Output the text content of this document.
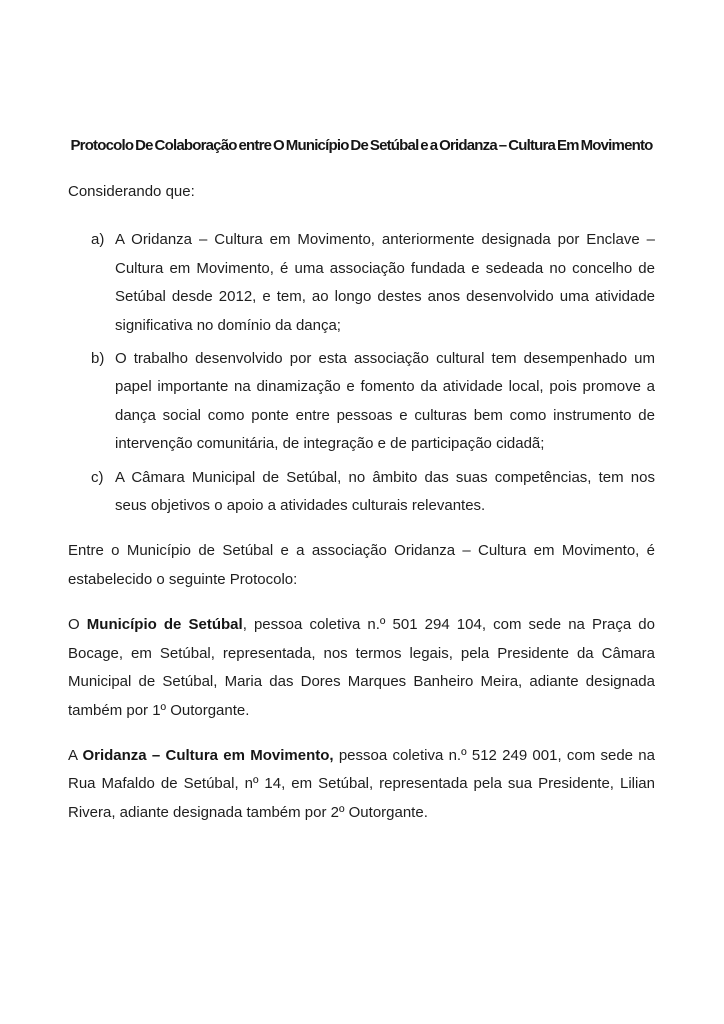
Protocolo De Colaboração entre O Município De Setúbal e a Oridanza – Cultura Em Movimento

Considerando que:

a) A Oridanza – Cultura em Movimento, anteriormente designada por Enclave – Cultura em Movimento, é uma associação fundada e sedeada no concelho de Setúbal desde 2012, e tem, ao longo destes anos desenvolvido uma atividade significativa no domínio da dança;
b) O trabalho desenvolvido por esta associação cultural tem desempenhado um papel importante na dinamização e fomento da atividade local, pois promove a dança social como ponte entre pessoas e culturas bem como instrumento de intervenção comunitária, de integração e de participação cidadã;
c) A Câmara Municipal de Setúbal, no âmbito das suas competências, tem nos seus objetivos o apoio a atividades culturais relevantes.

Entre o Município de Setúbal e a associação Oridanza – Cultura em Movimento, é estabelecido o seguinte Protocolo:

O Município de Setúbal, pessoa coletiva n.º 501 294 104, com sede na Praça do Bocage, em Setúbal, representada, nos termos legais, pela Presidente da Câmara Municipal de Setúbal, Maria das Dores Marques Banheiro Meira, adiante designada também por 1º Outorgante.

A Oridanza – Cultura em Movimento, pessoa coletiva n.º 512 249 001, com sede na Rua Mafaldo de Setúbal, nº 14, em Setúbal, representada pela sua Presidente, Lilian Rivera, adiante designada também por 2º Outorgante.
